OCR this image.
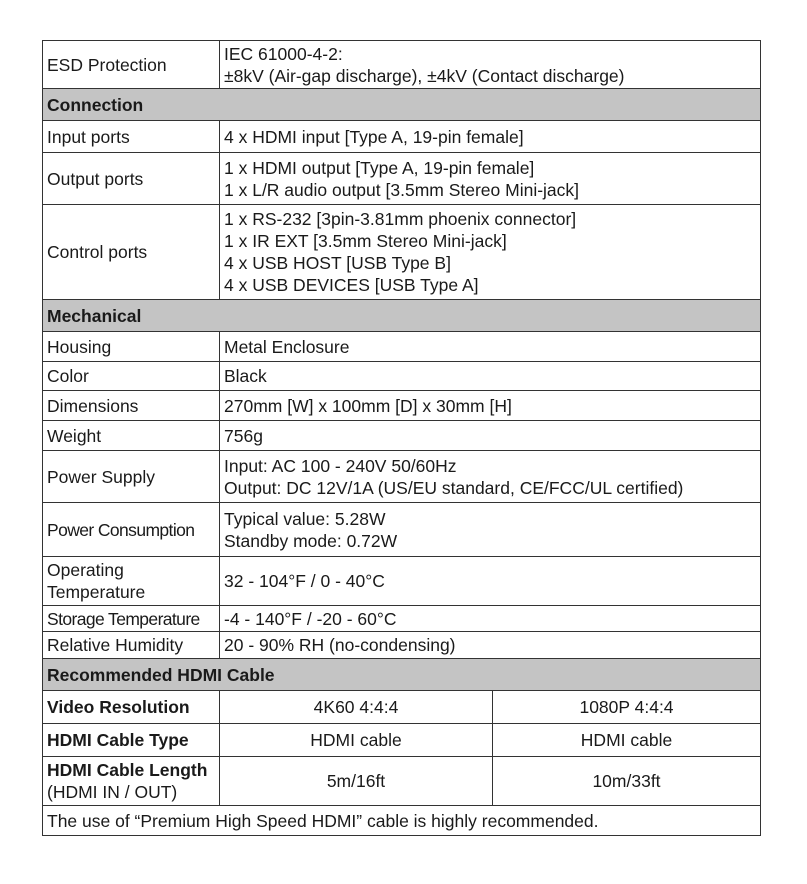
ESD Protection	IEC 61000-4-2:
±8kV (Air-gap discharge), ±4kV (Contact discharge)	

Connection		
Input ports	4 x HDMI input [Type A, 19-pin female]	

Output ports	1 x HDMI output [Type A, 19-pin female]
1 x L/R audio output [3.5mm Stereo Mini-jack]	

Control ports	1 x RS-232 [3pin-3.81mm phoenix connector]
1 x IR EXT [3.5mm Stereo Mini-jack]
4 x USB HOST [USB Type B]
4 x USB DEVICES [USB Type A]	

Mechanical		
Housing	Metal Enclosure	

Color	Black	

Dimensions	270mm [W] x 100mm [D] x 30mm [H]	

Weight	756g	

Power Supply	Input: AC 100 - 240V 50/60Hz
Output: DC 12V/1A (US/EU standard, CE/FCC/UL certified)	

Power Consumption	Typical value: 5.28W
Standby mode: 0.72W	

Operating
Temperature	32 - 104°F / 0 - 40°C	

Storage Temperature	-4 - 140°F / -20 - 60°C	

Relative Humidity	20 - 90% RH (no-condensing)	

Recommended HDMI Cable		
Video Resolution	4K60 4:4:4	1080P 4:4:4
HDMI Cable Type	HDMI cable	HDMI cable

HDMI Cable Length
(HDMI IN / OUT)	5m/16ft	10m/33ft
The use of “Premium High Speed HDMI” cable is highly recommended.		
